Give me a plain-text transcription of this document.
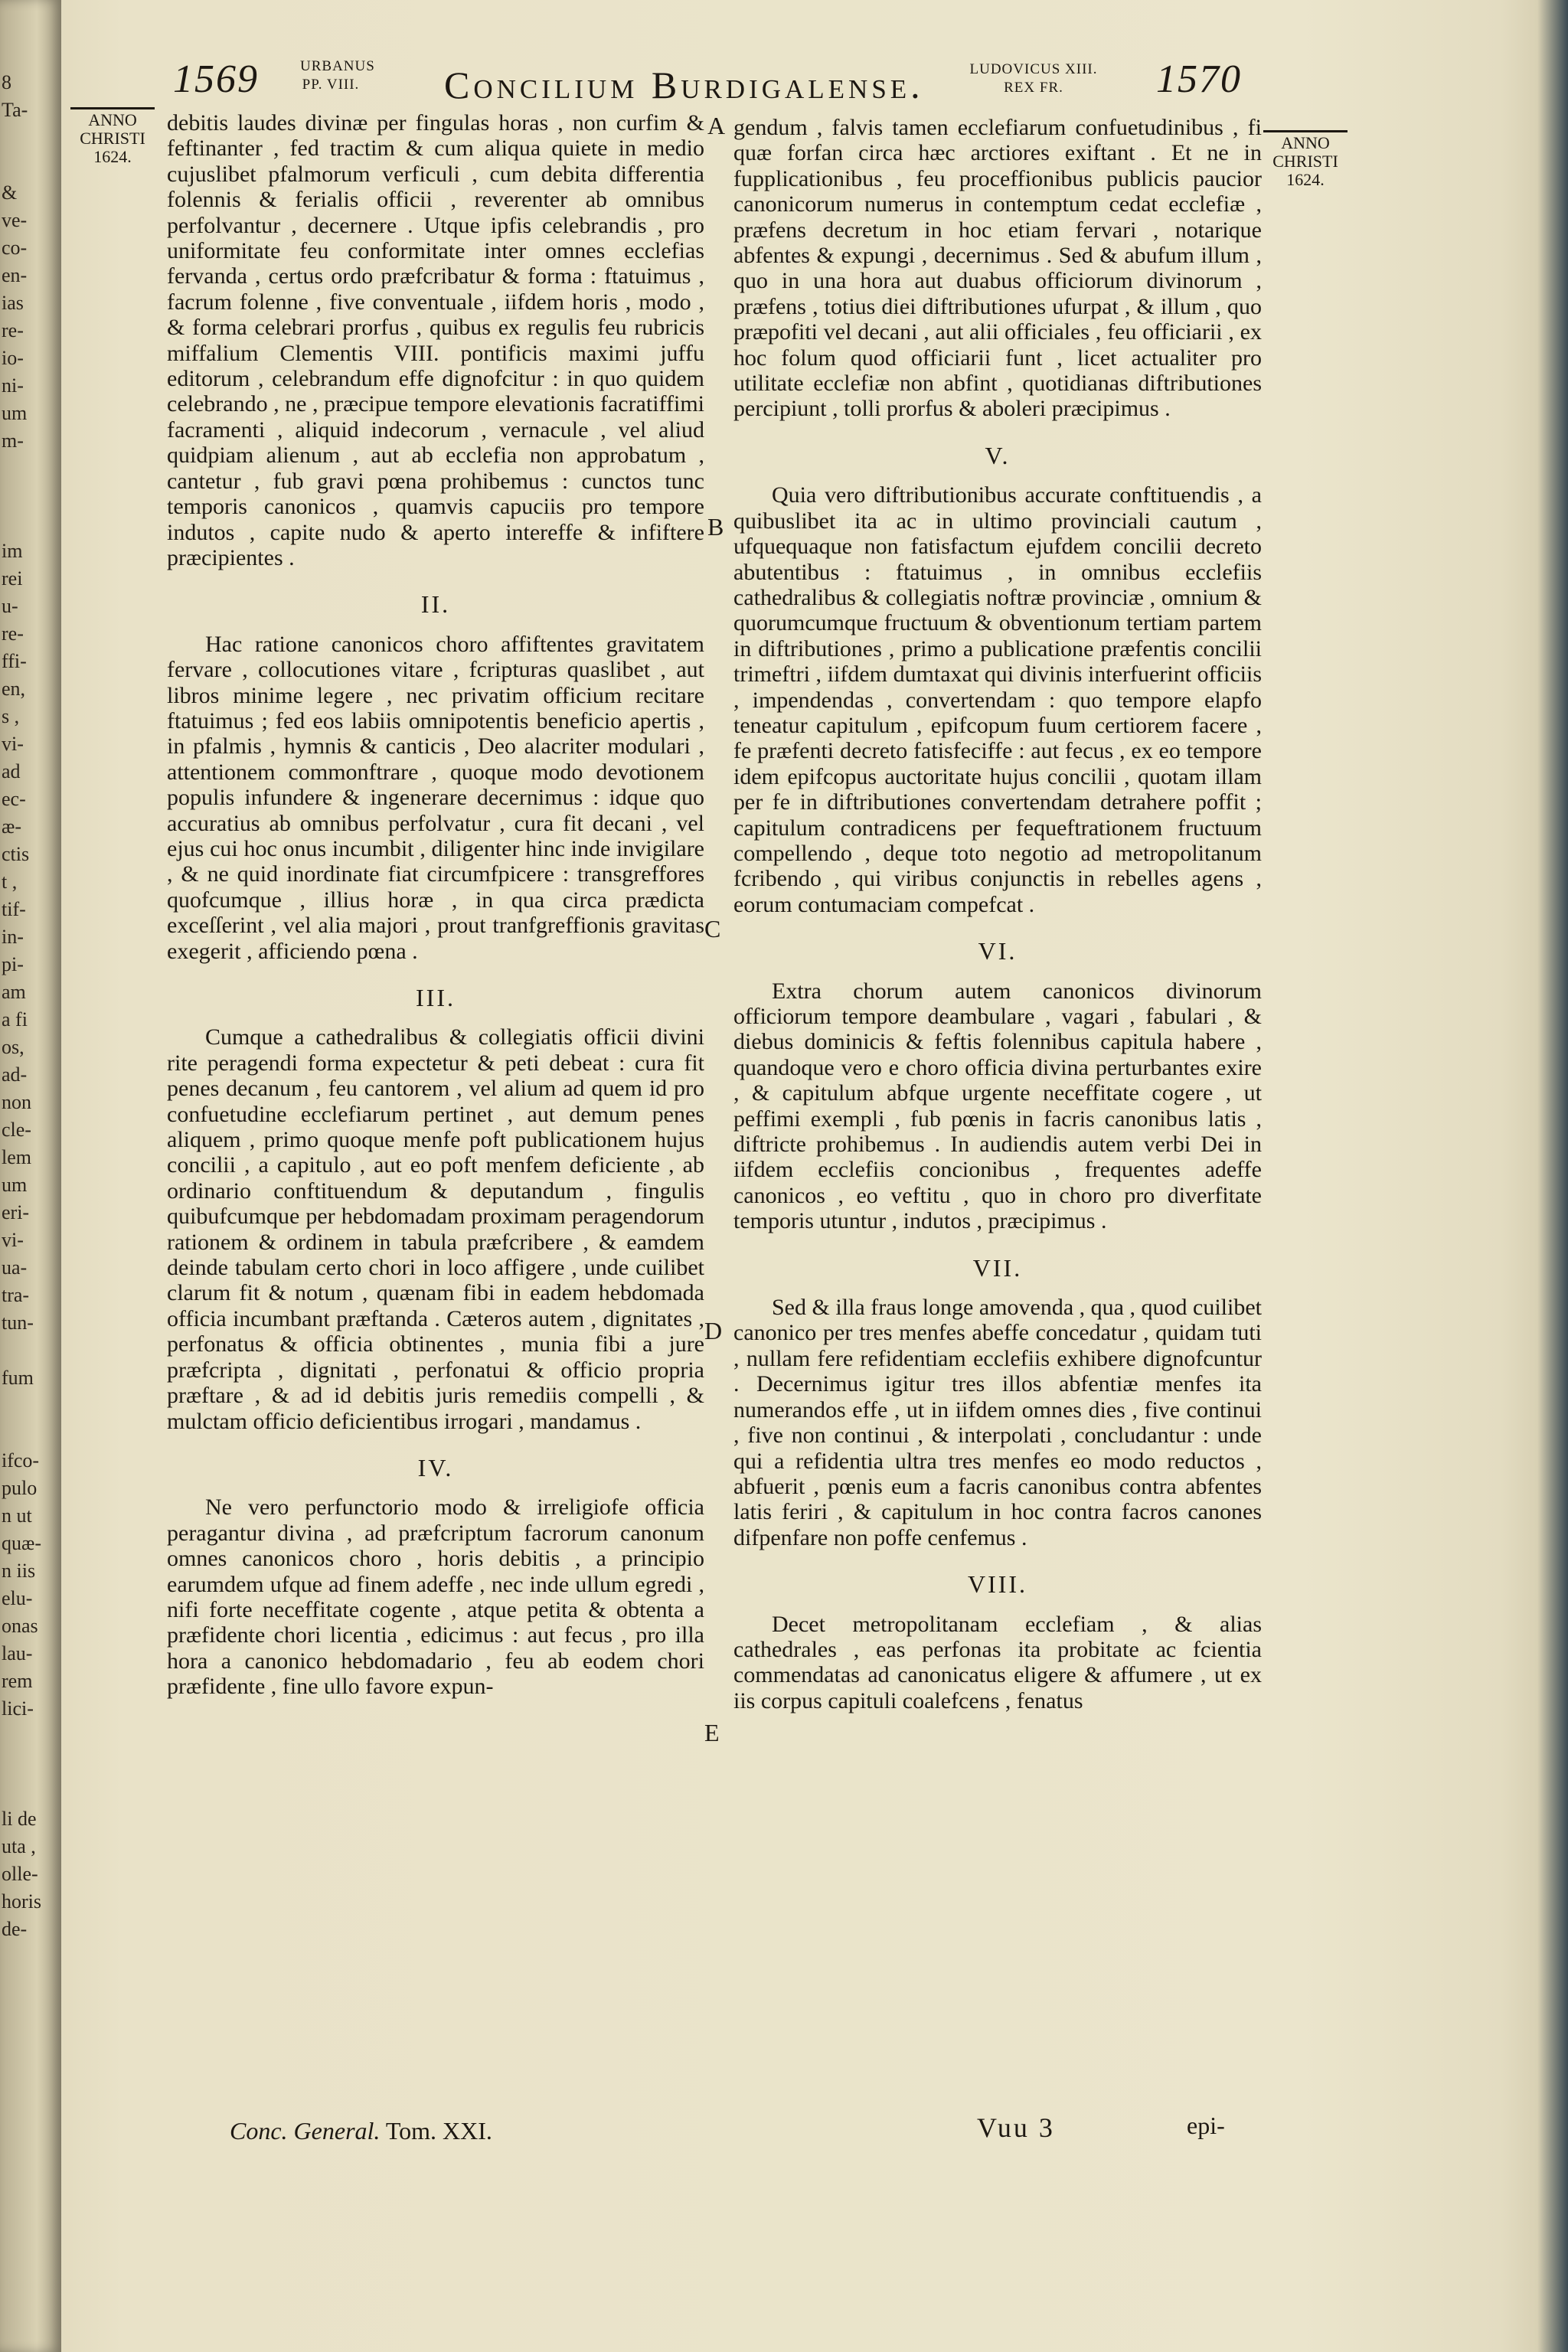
8
Ta-
&
ve-
co-
en-
ias
re-
io-
ni-
um
m-
im
rei
u-
re-
ffi-
en,
s ,
vi-
ad
ec-
æ-
ctis
t ,
tif-
in-
pi-
am
a fi
os,
ad-
non
cle-
lem
um
eri-
vi-
ua-
tra-
tun-
fum
ifco-
pulo
n ut
quæ-
n iis
elu-
onas
lau-
rem
lici-
li de
uta ,
olle-
horis
de-
1569	URBANUS
PP. VIII. Concilium Burdigalense.	LUDOVICUS XIII.
REX FR.	1570
ANNO
CHRISTI
1624.
ANNO
CHRISTI
1624.
A
B
C
D
E

debitis laudes divinæ per fingulas horas , non curfim & feftinanter , fed tractim & cum aliqua quiete in medio cujuslibet pfalmorum verficuli , cum debita differentia folennis & ferialis officii , reverenter ab omnibus perfolvantur , decernere . Utque ipfis celebrandis , pro uniformitate feu conformitate inter omnes ecclefias fervanda , certus ordo præfcribatur & forma : ftatuimus , facrum folenne , five conventuale , iifdem horis , modo , & forma celebrari prorfus , quibus ex regulis feu rubricis miffalium Clementis VIII. pontificis maximi juffu editorum , celebrandum effe dignofcitur : in quo quidem celebrando , ne , præcipue tempore elevationis facratiffimi facramenti , aliquid indecorum , vernacule , vel aliud quidpiam alienum , aut ab ecclefia non approbatum , cantetur , fub gravi pœna prohibemus : cunctos tunc temporis canonicos , quamvis capuciis pro tempore indutos , capite nudo & aperto intereffe & infiftere præcipientes .

II.

Hac ratione canonicos choro affiftentes gravitatem fervare , collocutiones vitare , fcripturas quaslibet , aut libros minime legere , nec privatim officium recitare ftatuimus ; fed eos labiis omnipotentis beneficio apertis , in pfalmis , hymnis & canticis , Deo alacriter modulari , attentionem commonftrare , quoque modo devotionem populis infundere & ingenerare decernimus : idque quo accuratius ab omnibus perfolvatur , cura fit decani , vel ejus cui hoc onus incumbit , diligenter hinc inde invigilare , & ne quid inordinate fiat circumfpicere : transgreffores quofcumque , illius horæ , in qua circa prædicta exceſſerint , vel alia majori , prout tranfgreffionis gravitas exegerit , afficiendo pœna .

III.

Cumque a cathedralibus & collegiatis officii divini rite peragendi forma expectetur & peti debeat : cura fit penes decanum , feu cantorem , vel alium ad quem id pro confuetudine ecclefiarum pertinet , aut demum penes aliquem , primo quoque menfe poft publicationem hujus concilii , a capitulo , aut eo poft menfem deficiente , ab ordinario conftituendum & deputandum , fingulis quibufcumque per hebdomadam proximam peragendorum rationem & ordinem in tabula præfcribere , & eamdem deinde tabulam certo chori in loco affigere , unde cuilibet clarum fit & notum , quænam fibi in eadem hebdomada officia incumbant præftanda . Cæteros autem , dignitates , perfonatus & officia obtinentes , munia fibi a jure præfcripta , dignitati , perfonatui & officio propria præftare , & ad id debitis juris remediis compelli , & mulctam officio deficientibus irrogari , mandamus .

IV.

Ne vero perfunctorio modo & irreligiofe officia peragantur divina , ad præfcriptum facrorum canonum omnes canonicos choro , horis debitis , a principio earumdem ufque ad finem adeffe , nec inde ullum egredi , nifi forte neceffitate cogente , atque petita & obtenta a præfidente chori licentia , edicimus : aut fecus , pro illa hora a canonico hebdomadario , feu ab eodem chori præfidente , fine ullo favore expun-

gendum , falvis tamen ecclefiarum confuetudinibus , fi quæ forfan circa hæc arctiores exiftant . Et ne in fupplicationibus , feu proceffionibus publicis paucior canonicorum numerus in contemptum cedat ecclefiæ , præfens decretum in hoc etiam fervari , notarique abfentes & expungi , decernimus . Sed & abufum illum , quo in una hora aut duabus officiorum divinorum , præfens , totius diei diftributiones ufurpat , & illum , quo præpofiti vel decani , aut alii officiales , feu officiarii , ex hoc folum quod officiarii funt , licet actualiter pro utilitate ecclefiæ non abfint , quotidianas diftributiones percipiunt , tolli prorfus & aboleri præcipimus .

V.

Quia vero diftributionibus accurate conftituendis , a quibuslibet ita ac in ultimo provinciali cautum , ufquequaque non fatisfactum ejufdem concilii decreto abutentibus : ftatuimus , in omnibus ecclefiis cathedralibus & collegiatis noftræ provinciæ , omnium & quorumcumque fructuum & obventionum tertiam partem in diftributiones , primo a publicatione præfentis concilii trimeftri , iifdem dumtaxat qui divinis interfuerint officiis , impendendas , convertendam : quo tempore elapfo teneatur capitulum , epifcopum fuum certiorem facere , fe præfenti decreto fatisfeciffe : aut fecus , ex eo tempore idem epifcopus auctoritate hujus concilii , quotam illam per fe in diftributiones convertendam detrahere poffit ; capitulum contradicens per fequeftrationem fructuum compellendo , deque toto negotio ad metropolitanum fcribendo , qui viribus conjunctis in rebelles agens , eorum contumaciam compefcat .

VI.

Extra chorum autem canonicos divinorum officiorum tempore deambulare , vagari , fabulari , & diebus dominicis & feftis folennibus capitula habere , quandoque vero e choro officia divina perturbantes exire , & capitulum abfque urgente neceffitate cogere , ut peffimi exempli , fub pœnis in facris canonibus latis , diftricte prohibemus . In audiendis autem verbi Dei in iifdem ecclefiis concionibus , frequentes adeffe canonicos , eo veftitu , quo in choro pro diverfitate temporis utuntur , indutos , præcipimus .

VII.

Sed & illa fraus longe amovenda , qua , quod cuilibet canonico per tres menfes abeffe concedatur , quidam tuti , nullam fere refidentiam ecclefiis exhibere dignofcuntur . Decernimus igitur tres illos abfentiæ menfes ita numerandos effe , ut in iifdem omnes dies , five continui , five non continui , & interpolati , concludantur : unde qui a refidentia ultra tres menfes eo modo reductos , abfuerit , pœnis eum a facris canonibus contra abfentes latis feriri , & capitulum in hoc contra facros canones difpenfare non poffe cenfemus .

VIII.

Decet metropolitanam ecclefiam , & alias cathedrales , eas perfonas ita probitate ac fcientia commendatas ad canonicatus eligere & affumere , ut ex iis corpus capituli coalefcens , fenatus

Conc. General. Tom. XXI.	Vuu 3	epi-
